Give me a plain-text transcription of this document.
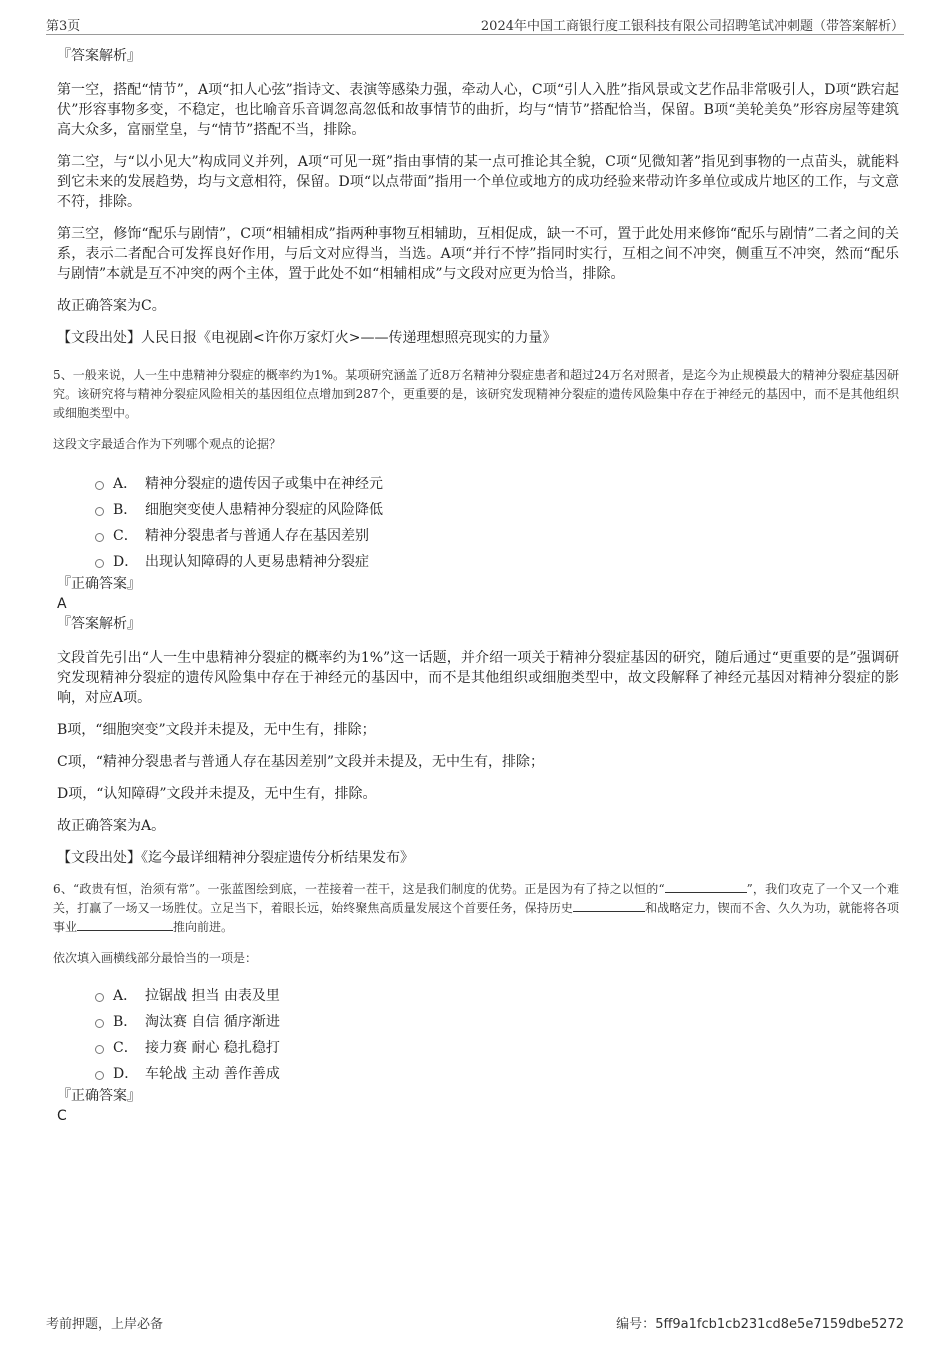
第3页	2024年中国工商银行度工银科技有限公司招聘笔试冲刺题（带答案解析）

『答案解析』

第一空，搭配“情节”，A项“扣人心弦”指诗文、表演等感染力强，牵动人心，C项“引人入胜”指风景或文艺作品非常吸引人，D项“跌宕起伏”形容事物多变，不稳定，也比喻音乐音调忽高忽低和故事情节的曲折，均与“情节”搭配恰当，保留。B项“美轮美奂”形容房屋等建筑高大众多，富丽堂皇，与“情节”搭配不当，排除。

第二空，与“以小见大”构成同义并列，A项“可见一斑”指由事情的某一点可推论其全貌，C项“见微知著”指见到事物的一点苗头，就能料到它未来的发展趋势，均与文意相符，保留。D项“以点带面”指用一个单位或地方的成功经验来带动许多单位或成片地区的工作，与文意不符，排除。

第三空，修饰“配乐与剧情”，C项“相辅相成”指两种事物互相辅助，互相促成，缺一不可，置于此处用来修饰“配乐与剧情”二者之间的关系，表示二者配合可发挥良好作用，与后文对应得当，当选。A项“并行不悖”指同时实行，互相之间不冲突，侧重互不冲突，然而“配乐与剧情”本就是互不冲突的两个主体，置于此处不如“相辅相成”与文段对应更为恰当，排除。

故正确答案为C。

【文段出处】人民日报《电视剧<许你万家灯火>——传递理想照亮现实的力量》

5、一般来说，人一生中患精神分裂症的概率约为1%。某项研究涵盖了近8万名精神分裂症患者和超过24万名对照者，是迄今为止规模最大的精神分裂症基因研究。该研究将与精神分裂症风险相关的基因组位点增加到287个，更重要的是，该研究发现精神分裂症的遗传风险集中存在于神经元的基因中，而不是其他组织或细胞类型中。

这段文字最适合作为下列哪个观点的论据？

A． 精神分裂症的遗传因子或集中在神经元
B． 细胞突变使人患精神分裂症的风险降低
C． 精神分裂患者与普通人存在基因差别
D． 出现认知障碍的人更易患精神分裂症

『正确答案』

A

『答案解析』

文段首先引出“人一生中患精神分裂症的概率约为1%”这一话题，并介绍一项关于精神分裂症基因的研究，随后通过“更重要的是”强调研究发现精神分裂症的遗传风险集中存在于神经元的基因中，而不是其他组织或细胞类型中，故文段解释了神经元基因对精神分裂症的影响，对应A项。

B项，“细胞突变”文段并未提及，无中生有，排除；

C项，“精神分裂患者与普通人存在基因差别”文段并未提及，无中生有，排除；

D项，“认知障碍”文段并未提及，无中生有，排除。

故正确答案为A。

【文段出处】《迄今最详细精神分裂症遗传分析结果发布》

6、“政贵有恒，治须有常”。一张蓝图绘到底，一茬接着一茬干，这是我们制度的优势。正是因为有了持之以恒的“	”，我们攻克了一个又一个难关，打赢了一场又一场胜仗。立足当下，着眼长远，始终聚焦高质量发展这个首要任务，保持历史	和战略定力，锲而不舍、久久为功，就能将各项事业	推向前进。

依次填入画横线部分最恰当的一项是：

A． 拉锯战 担当 由表及里
B． 淘汰赛 自信 循序渐进
C． 接力赛 耐心 稳扎稳打
D． 车轮战 主动 善作善成

『正确答案』

C

考前押题，上岸必备	编号：5ff9a1fcb1cb231cd8e5e7159dbe5272
